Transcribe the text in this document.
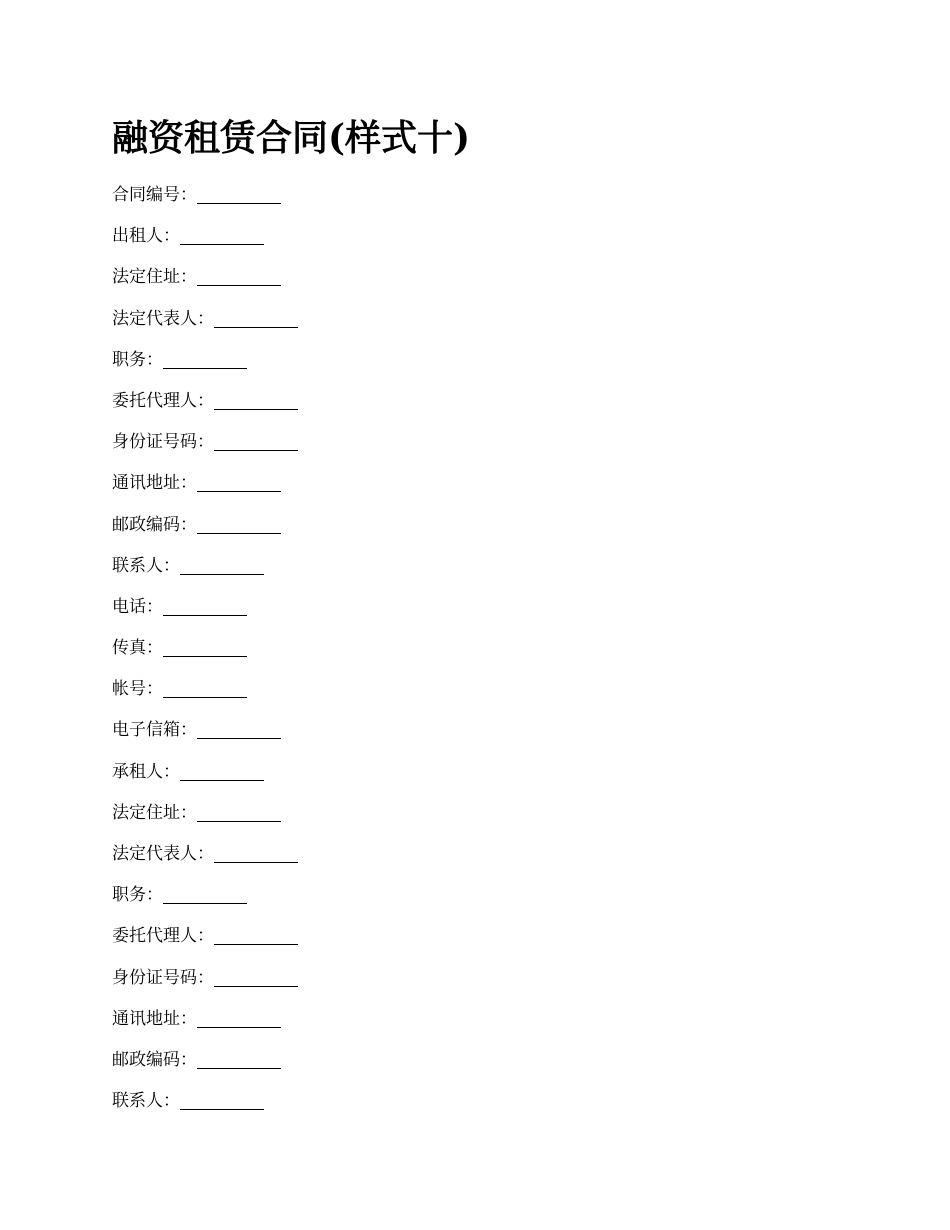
融资租赁合同(样式十)
合同编号：
出租人：
法定住址：
法定代表人：
职务：
委托代理人：
身份证号码：
通讯地址：
邮政编码：
联系人：
电话：
传真：
帐号：
电子信箱：
承租人：
法定住址：
法定代表人：
职务：
委托代理人：
身份证号码：
通讯地址：
邮政编码：
联系人：
